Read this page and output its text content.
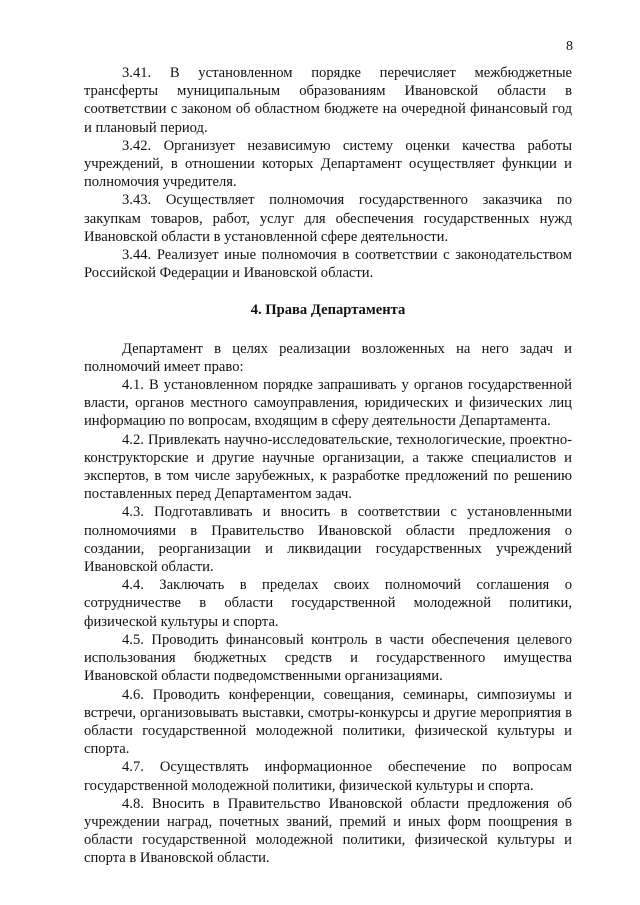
8

3.41. В установленном порядке перечисляет межбюджетные трансферты муниципальным образованиям Ивановской области в соответствии с законом об областном бюджете на очередной финансовый год и плановый период.

3.42. Организует независимую систему оценки качества работы учреждений, в отношении которых Департамент осуществляет функции и полномочия учредителя.

3.43. Осуществляет полномочия государственного заказчика по закупкам товаров, работ, услуг для обеспечения государственных нужд Ивановской области в установленной сфере деятельности.

3.44. Реализует иные полномочия в соответствии с законодательством Российской Федерации и Ивановской области.

4. Права Департамента

Департамент в целях реализации возложенных на него задач и полномочий имеет право:

4.1. В установленном порядке запрашивать у органов государственной власти, органов местного самоуправления, юридических и физических лиц информацию по вопросам, входящим в сферу деятельности Департамента.

4.2. Привлекать научно-исследовательские, технологические, проектно-конструкторские и другие научные организации, а также специалистов и экспертов, в том числе зарубежных, к разработке предложений по решению поставленных перед Департаментом задач.

4.3. Подготавливать и вносить в соответствии с установленными полномочиями в Правительство Ивановской области предложения о создании, реорганизации и ликвидации государственных учреждений Ивановской области.

4.4. Заключать в пределах своих полномочий соглашения о сотрудничестве в области государственной молодежной политики, физической культуры и спорта.

4.5. Проводить финансовый контроль в части обеспечения целевого использования бюджетных средств и государственного имущества Ивановской области подведомственными организациями.

4.6. Проводить конференции, совещания, семинары, симпозиумы и встречи, организовывать выставки, смотры-конкурсы и другие мероприятия в области государственной молодежной политики, физической культуры и спорта.

4.7. Осуществлять информационное обеспечение по вопросам государственной молодежной политики, физической культуры и спорта.

4.8. Вносить в Правительство Ивановской области предложения об учреждении наград, почетных званий, премий и иных форм поощрения в области государственной молодежной политики, физической культуры и спорта в Ивановской области.
